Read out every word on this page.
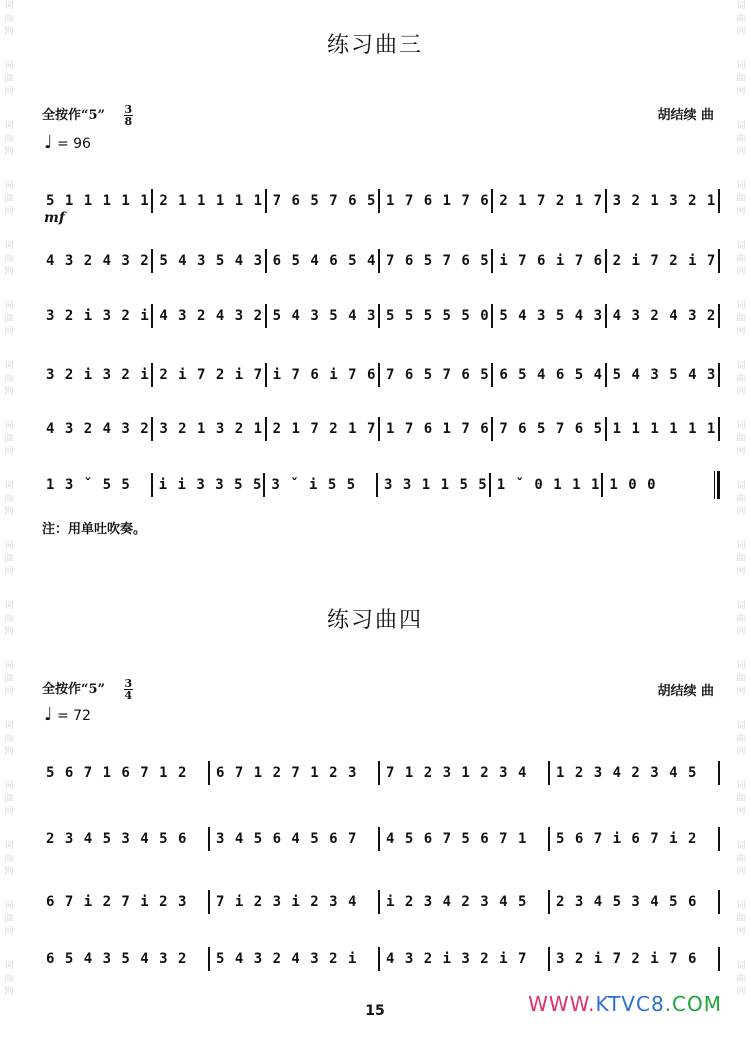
词
曲
网
词
曲
网
词
曲
网
词
曲
网
词
曲
网
词
曲
网
词
曲
网
词
曲
网
词
曲
网
词
曲
网
词
曲
网
词
曲
网
词
曲
网
词
曲
网
词
曲
网
词
曲
网
词
曲
网
词
曲
网
词
曲
网
词
曲
网
词
曲
网
词
曲
网
词
曲
网
词
曲
网
词
曲
网
词
曲
网
词
曲
网
词
曲
网
词
曲
网
词
曲
网
词
曲
网
词
曲
网
词
曲
网
词
曲
网
练习曲三
全按作“5” $\frac{3}{8}$	胡结续 曲
♩ = 96
5 1 1 1 1 1 2 1 1 1 1 1 7 6 5 7 6 5 1 7 6 1 7 6 2 1 7 2 1 7 3 2 1 3 2 1
4 3 2 4 3 2 5 4 3 5 4 3 6 5 4 6 5 4 7 6 5 7 6 5 i 7 6 i 7 6 2 i 7 2 i 7
3 2 i 3 2 i 4 3 2 4 3 2 5 4 3 5 4 3 5 5 5 5 5 0 5 4 3 5 4 3 4 3 2 4 3 2
3 2 i 3 2 i 2 i 7 2 i 7 i 7 6 i 7 6 7 6 5 7 6 5 6 5 4 6 5 4 5 4 3 5 4 3
4 3 2 4 3 2 3 2 1 3 2 1 2 1 7 2 1 7 1 7 6 1 7 6 7 6 5 7 6 5 1 1 1 1 1 1
1 3 ˇ 5 5	i i 3 3 5 5 3 ˇ i 5 5	3 3 1 1 5 5 1 ˇ 0 1 1 1 1 0 0
mf
注：用单吐吹奏。
练习曲四
全按作“5” $\frac{3}{4}$	胡结续 曲
♩ = 72
5 6 7 1 6 7 1 2	6 7 1 2 7 1 2 3	7 1 2 3 1 2 3 4	1 2 3 4 2 3 4 5
2 3 4 5 3 4 5 6	3 4 5 6 4 5 6 7	4 5 6 7 5 6 7 1	5 6 7 i 6 7 i 2
6 7 i 2 7 i 2 3	7 i 2 3 i 2 3 4	i 2 3 4 2 3 4 5	2 3 4 5 3 4 5 6
6 5 4 3 5 4 3 2	5 4 3 2 4 3 2 i	4 3 2 i 3 2 i 7	3 2 i 7 2 i 7 6
15	WWW.KTVC8.COM
